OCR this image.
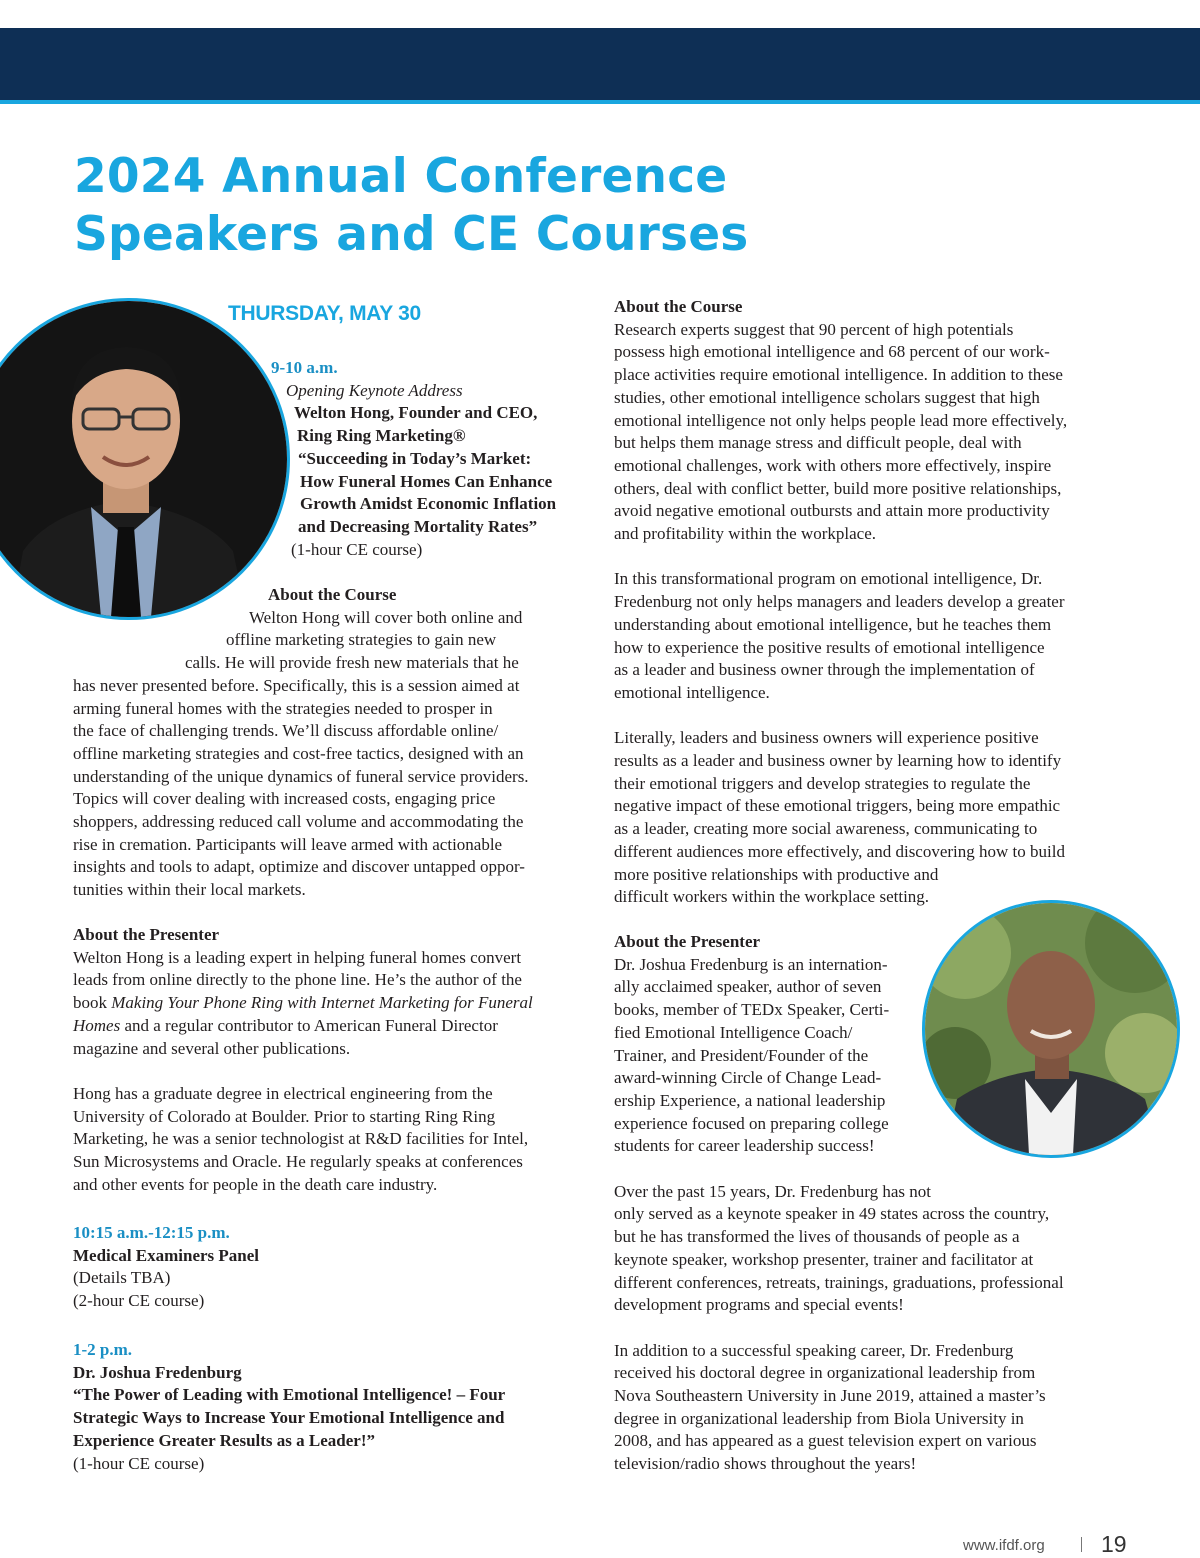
2024 Annual Conference
Speakers and CE Courses
THURSDAY, MAY 30

9-10 a.m.

Opening Keynote Address

Welton Hong, Founder and CEO,

Ring Ring Marketing®

“Succeeding in Today’s Market:

How Funeral Homes Can Enhance

Growth Amidst Economic Inflation

and Decreasing Mortality Rates”

(1-hour CE course)

About the Course

Welton Hong will cover both online and

offline marketing strategies to gain new

calls. He will provide fresh new materials that he

has never presented before. Specifically, this is a session aimed at

arming funeral homes with the strategies needed to prosper in

the face of challenging trends. We’ll discuss affordable online/

offline marketing strategies and cost-free tactics, designed with an

understanding of the unique dynamics of funeral service providers.

Topics will cover dealing with increased costs, engaging price

shoppers, addressing reduced call volume and accommodating the

rise in cremation. Participants will leave armed with actionable

insights and tools to adapt, optimize and discover untapped oppor-

tunities within their local markets.

About the Presenter

Welton Hong is a leading expert in helping funeral homes convert

leads from online directly to the phone line. He’s the author of the

book Making Your Phone Ring with Internet Marketing for Funeral

Homes and a regular contributor to American Funeral Director

magazine and several other publications.

Hong has a graduate degree in electrical engineering from the

University of Colorado at Boulder. Prior to starting Ring Ring

Marketing, he was a senior technologist at R&D facilities for Intel,

Sun Microsystems and Oracle. He regularly speaks at conferences

and other events for people in the death care industry.

10:15 a.m.-12:15 p.m.

Medical Examiners Panel

(Details TBA)

(2-hour CE course)

1-2 p.m.

Dr. Joshua Fredenburg

“The Power of Leading with Emotional Intelligence! – Four

Strategic Ways to Increase Your Emotional Intelligence and

Experience Greater Results as a Leader!”

(1-hour CE course)

About the Course

Research experts suggest that 90 percent of high potentials

possess high emotional intelligence and 68 percent of our work-

place activities require emotional intelligence. In addition to these

studies, other emotional intelligence scholars suggest that high

emotional intelligence not only helps people lead more effectively,

but helps them manage stress and difficult people, deal with

emotional challenges, work with others more effectively, inspire

others, deal with conflict better, build more positive relationships,

avoid negative emotional outbursts and attain more productivity

and profitability within the workplace.

In this transformational program on emotional intelligence, Dr.

Fredenburg not only helps managers and leaders develop a greater

understanding about emotional intelligence, but he teaches them

how to experience the positive results of emotional intelligence

as a leader and business owner through the implementation of

emotional intelligence.

Literally, leaders and business owners will experience positive

results as a leader and business owner by learning how to identify

their emotional triggers and develop strategies to regulate the

negative impact of these emotional triggers, being more empathic

as a leader, creating more social awareness, communicating to

different audiences more effectively, and discovering how to build

more positive relationships with productive and

difficult workers within the workplace setting.

About the Presenter

Dr. Joshua Fredenburg is an internation-

ally acclaimed speaker, author of seven

books, member of TEDx Speaker, Certi-

fied Emotional Intelligence Coach/

Trainer, and President/Founder of the

award-winning Circle of Change Lead-

ership Experience, a national leadership

experience focused on preparing college

students for career leadership success!

Over the past 15 years, Dr. Fredenburg has not

only served as a keynote speaker in 49 states across the country,

but he has transformed the lives of thousands of people as a

keynote speaker, workshop presenter, trainer and facilitator at

different conferences, retreats, trainings, graduations, professional

development programs and special events!

In addition to a successful speaking career, Dr. Fredenburg

received his doctoral degree in organizational leadership from

Nova Southeastern University in June 2019, attained a master’s

degree in organizational leadership from Biola University in

2008, and has appeared as a guest television expert on various

television/radio shows throughout the years!

www.ifdf.org 19
